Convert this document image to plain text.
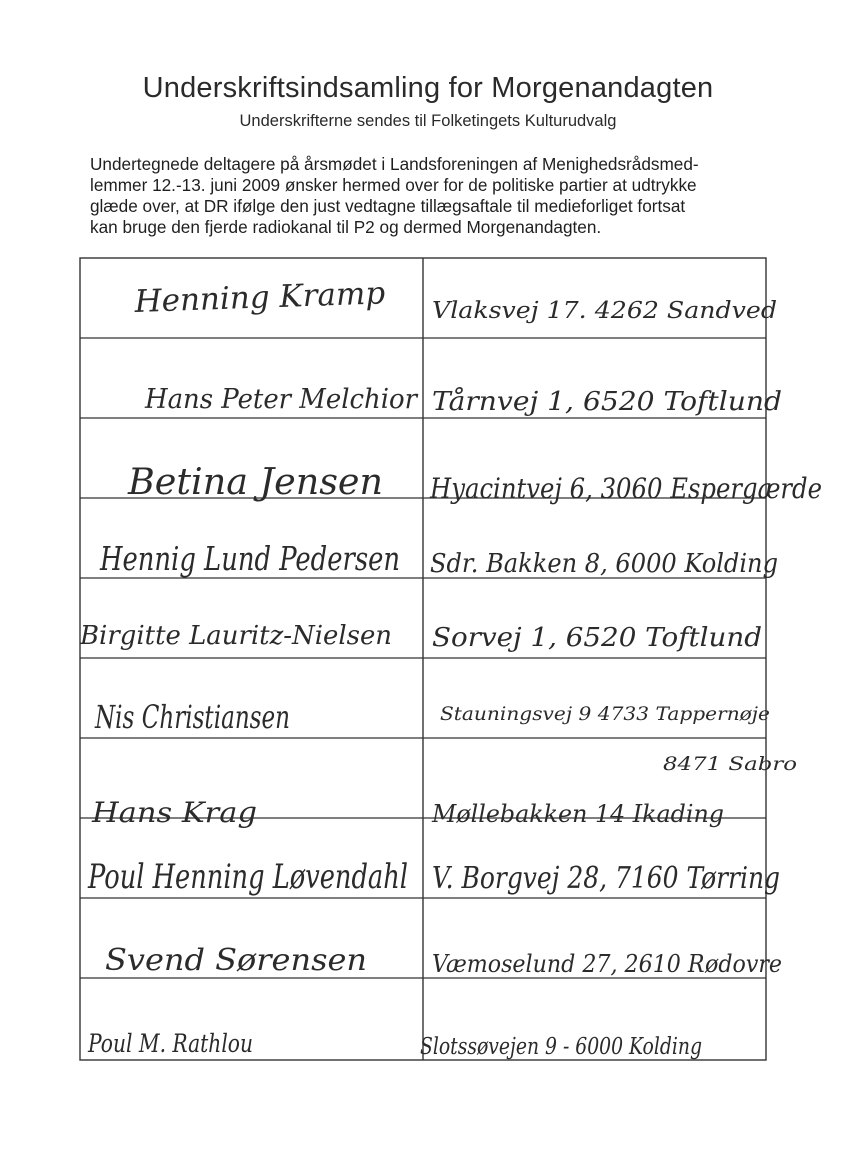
Underskriftsindsamling for Morgenandagten
Underskrifterne sendes til Folketingets Kulturudvalg
Undertegnede deltagere på årsmødet i Landsforeningen af Menighedsrådsmed-
lemmer 12.-13. juni 2009 ønsker hermed over for de politiske partier at udtrykke
glæde over, at DR ifølge den just vedtagne tillægsaftale til medieforliget fortsat
kan bruge den fjerde radiokanal til P2 og dermed Morgenandagten.
Henning Kramp Vlaksvej 17. 4262 Sandved
Hans Peter Melchior Tårnvej 1, 6520 Toftlund
Betina Jensen Hyacintvej 6, 3060 Espergærde
Hennig Lund Pedersen Sdr. Bakken 8, 6000 Kolding
Birgitte Lauritz-Nielsen Sorvej 1, 6520 Toftlund
Nis Christiansen	Stauningsvej 9 4733 Tappernøje
8471 Sabro
Hans Krag	Møllebakken 14 Ikading
Poul Henning Løvendahl V. Borgvej 28, 7160 Tørring
Svend Sørensen	Væmoselund 27, 2610 Rødovre
Poul M. Rathlou	Slotssøvejen 9 - 6000 Kolding
